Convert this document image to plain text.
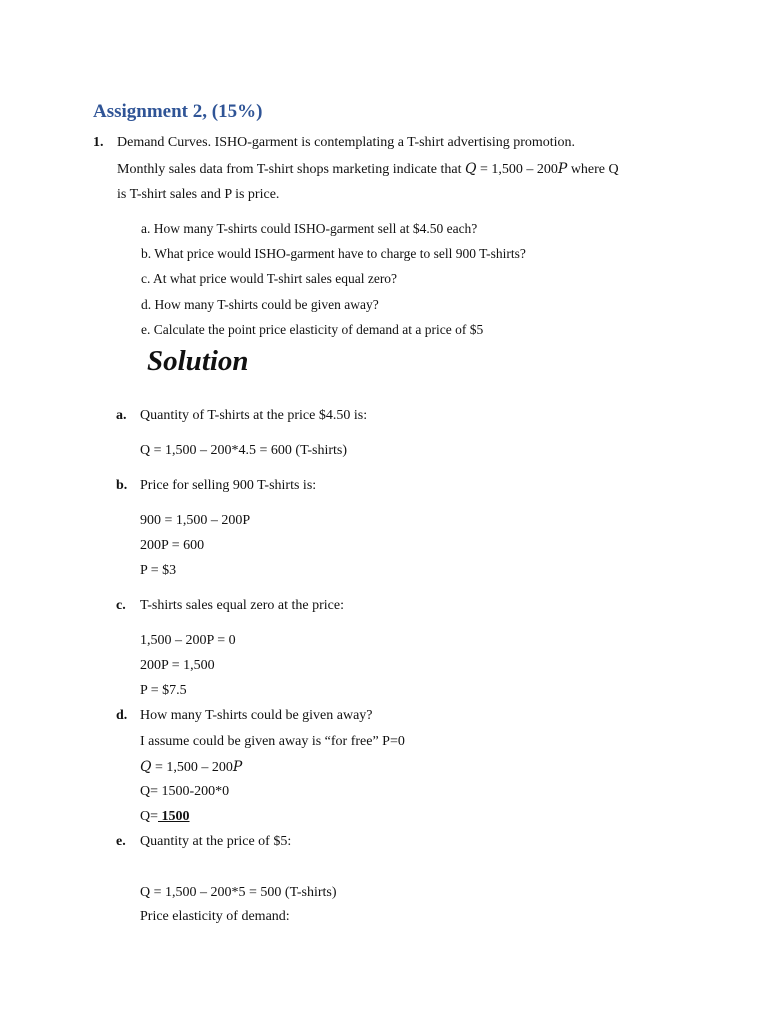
Assignment 2, (15%)
1. Demand Curves. ISHO-garment is contemplating a T-shirt advertising promotion.
Monthly sales data from T-shirt shops marketing indicate that Q = 1,500 – 200P where Q
is T-shirt sales and P is price.
a. How many T-shirts could ISHO-garment sell at $4.50 each?
b. What price would ISHO-garment have to charge to sell 900 T-shirts?
c. At what price would T-shirt sales equal zero?
d. How many T-shirts could be given away?
e. Calculate the point price elasticity of demand at a price of $5
Solution
a. Quantity of T-shirts at the price $4.50 is:
Q = 1,500 – 200*4.5 = 600 (T-shirts)
b. Price for selling 900 T-shirts is:
900 = 1,500 – 200P
200P = 600
P = $3
c. T-shirts sales equal zero at the price:
1,500 – 200P = 0
200P = 1,500
P = $7.5
d. How many T-shirts could be given away?
I assume could be given away is “for free” P=0
Q = 1,500 – 200P
Q= 1500-200*0
Q= 1500
e. Quantity at the price of $5:
Q = 1,500 – 200*5 = 500 (T-shirts)
Price elasticity of demand:
